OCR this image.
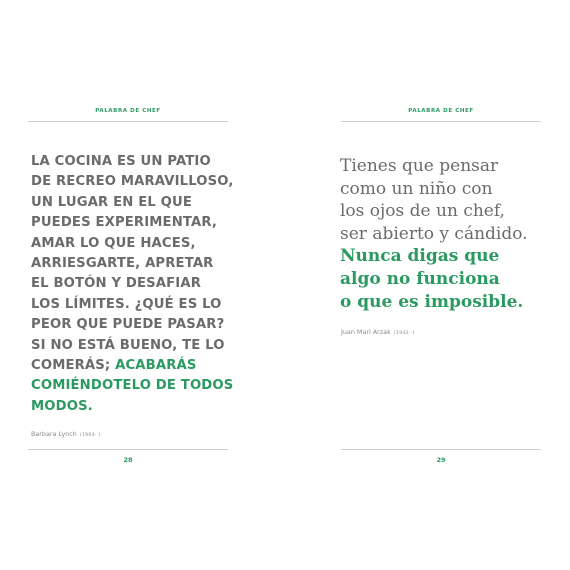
PALABRA DE CHEF
LA COCINA ES UN PATIO
DE RECREO MARAVILLOSO,
UN LUGAR EN EL QUE
PUEDES EXPERIMENTAR,
AMAR LO QUE HACES,
ARRIESGARTE, APRETAR
EL BOTÓN Y DESAFIAR
LOS LÍMITES. ¿QUÉ ES LO
PEOR QUE PUEDE PASAR?
SI NO ESTÁ BUENO, TE LO
COMERÁS; ACABARÁS
COMIÉNDOTELO DE TODOS
MODOS.
Barbara Lynch (1964- )
28
PALABRA DE CHEF
Tienes que pensar
como un niño con
los ojos de un chef,
ser abierto y cándido.
Nunca digas que
algo no funciona
o que es imposible.
Juan Mari Arzak (1942- )
29
